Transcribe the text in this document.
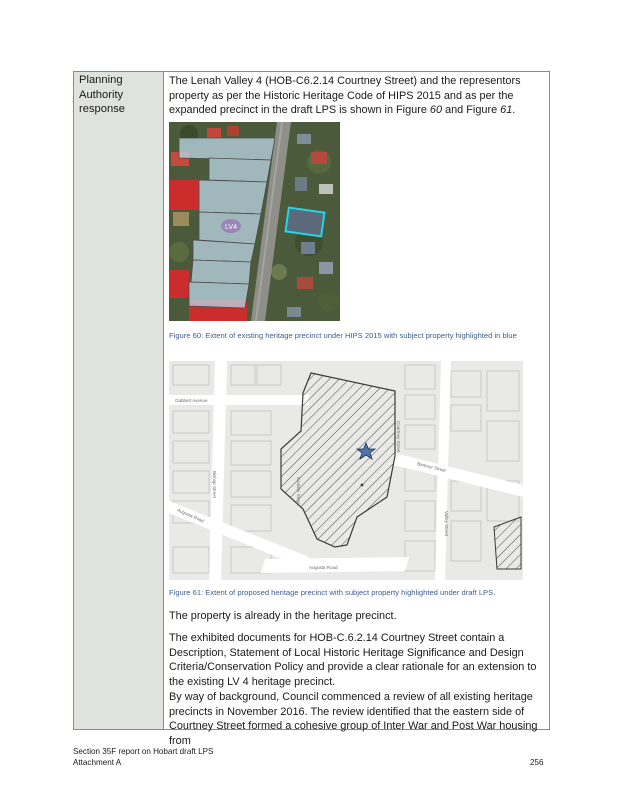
Planning Authority response

The Lenah Valley 4 (HOB-C6.2.14 Courtney Street) and the representors property as per the Historic Heritage Code of HIPS 2015 and as per the expanded precinct in the draft LPS is shown in Figure 60 and Figure 61.

LV4
Figure 60: Extent of existing heritage precinct under HIPS 2015 with subject property highlighted in blue
Gabbert Avenue
Bishop Street	Boulder Street
Courtney Street
Augusta Road
Augusta Road
Barbour Street
Valley Street
Figure 61: Extent of proposed heritage precinct with subject property highlighted under draft LPS.

The property is already in the heritage precinct.

The exhibited documents for HOB-C.6.2.14 Courtney Street contain a Description, Statement of Local Historic Heritage Significance and Design Criteria/Conservation Policy and provide a clear rationale for an extension to the existing LV 4 heritage precinct.

By way of background, Council commenced a review of all existing heritage precincts in November 2016. The review identified that the eastern side of Courtney Street formed a cohesive group of Inter War and Post War housing from

Section 35F report on Hobart draft LPS
Attachment A	256
